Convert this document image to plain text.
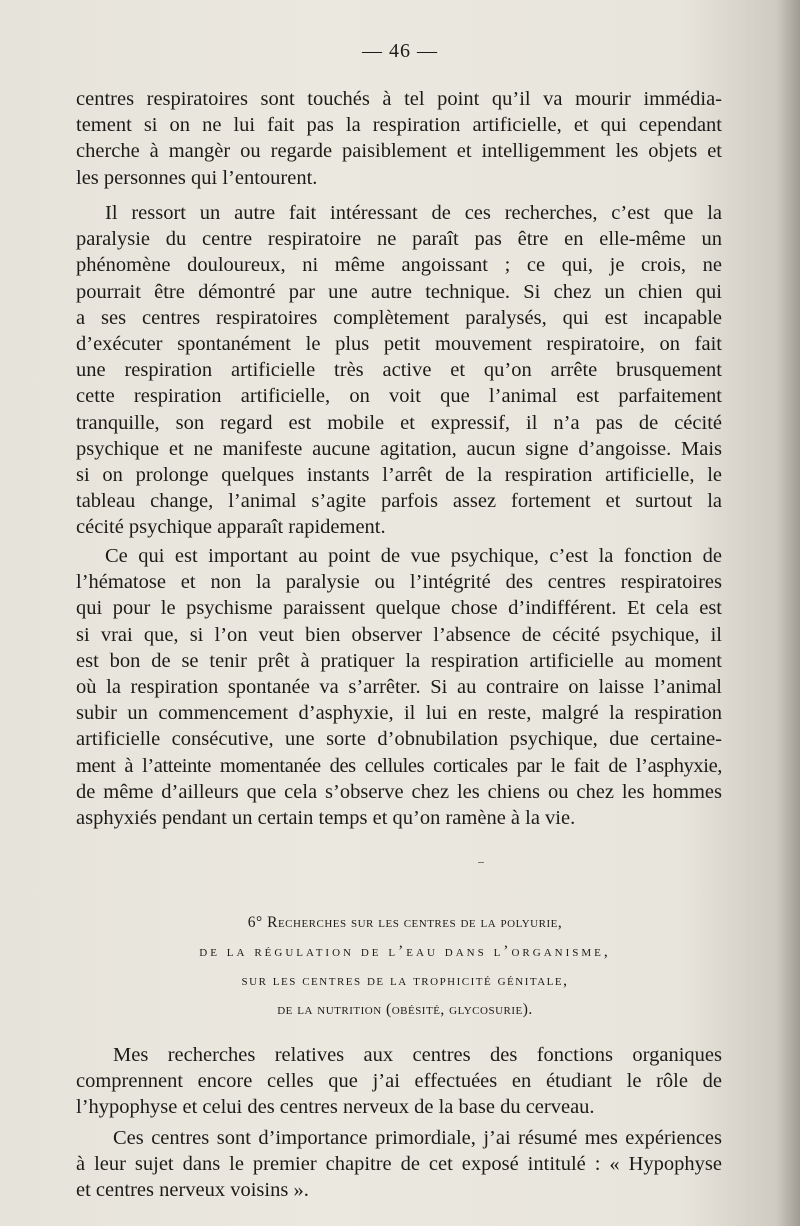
— 46 —
centres respiratoires sont touchés à tel point qu’il va mourir immédia-
tement si on ne lui fait pas la respiration artificielle, et qui cependant
cherche à mangèr ou regarde paisiblement et intelligemment les objets et
les personnes qui l’entourent.
Il ressort un autre fait intéressant de ces recherches, c’est que la
paralysie du centre respiratoire ne paraît pas être en elle-même un
phénomène douloureux, ni même angoissant ; ce qui, je crois, ne
pourrait être démontré par une autre technique. Si chez un chien qui
a ses centres respiratoires complètement paralysés, qui est incapable
d’exécuter spontanément le plus petit mouvement respiratoire, on fait
une respiration artificielle très active et qu’on arrête brusquement
cette respiration artificielle, on voit que l’animal est parfaitement
tranquille, son regard est mobile et expressif, il n’a pas de cécité
psychique et ne manifeste aucune agitation, aucun signe d’angoisse. Mais
si on prolonge quelques instants l’arrêt de la respiration artificielle, le
tableau change, l’animal s’agite parfois assez fortement et surtout la
cécité psychique apparaît rapidement.
Ce qui est important au point de vue psychique, c’est la fonction de
l’hématose et non la paralysie ou l’intégrité des centres respiratoires
qui pour le psychisme paraissent quelque chose d’indifférent. Et cela est
si vrai que, si l’on veut bien observer l’absence de cécité psychique, il
est bon de se tenir prêt à pratiquer la respiration artificielle au moment
où la respiration spontanée va s’arrêter. Si au contraire on laisse l’animal
subir un commencement d’asphyxie, il lui en reste, malgré la respiration
artificielle consécutive, une sorte d’obnubilation psychique, due certaine-
ment à l’atteinte momentanée des cellules corticales par le fait de l’asphyxie,
de même d’ailleurs que cela s’observe chez les chiens ou chez les hommes
asphyxiés pendant un certain temps et qu’on ramène à la vie.
6° Recherches sur les centres de la polyurie,
de la régulation de l’eau dans l’organisme,
sur les centres de la trophicité génitale,
de la nutrition (obésité, glycosurie).
Mes recherches relatives aux centres des fonctions organiques
comprennent encore celles que j’ai effectuées en étudiant le rôle de
l’hypophyse et celui des centres nerveux de la base du cerveau.
Ces centres sont d’importance primordiale, j’ai résumé mes expériences
à leur sujet dans le premier chapitre de cet exposé intitulé : « Hypophyse
et centres nerveux voisins ».
